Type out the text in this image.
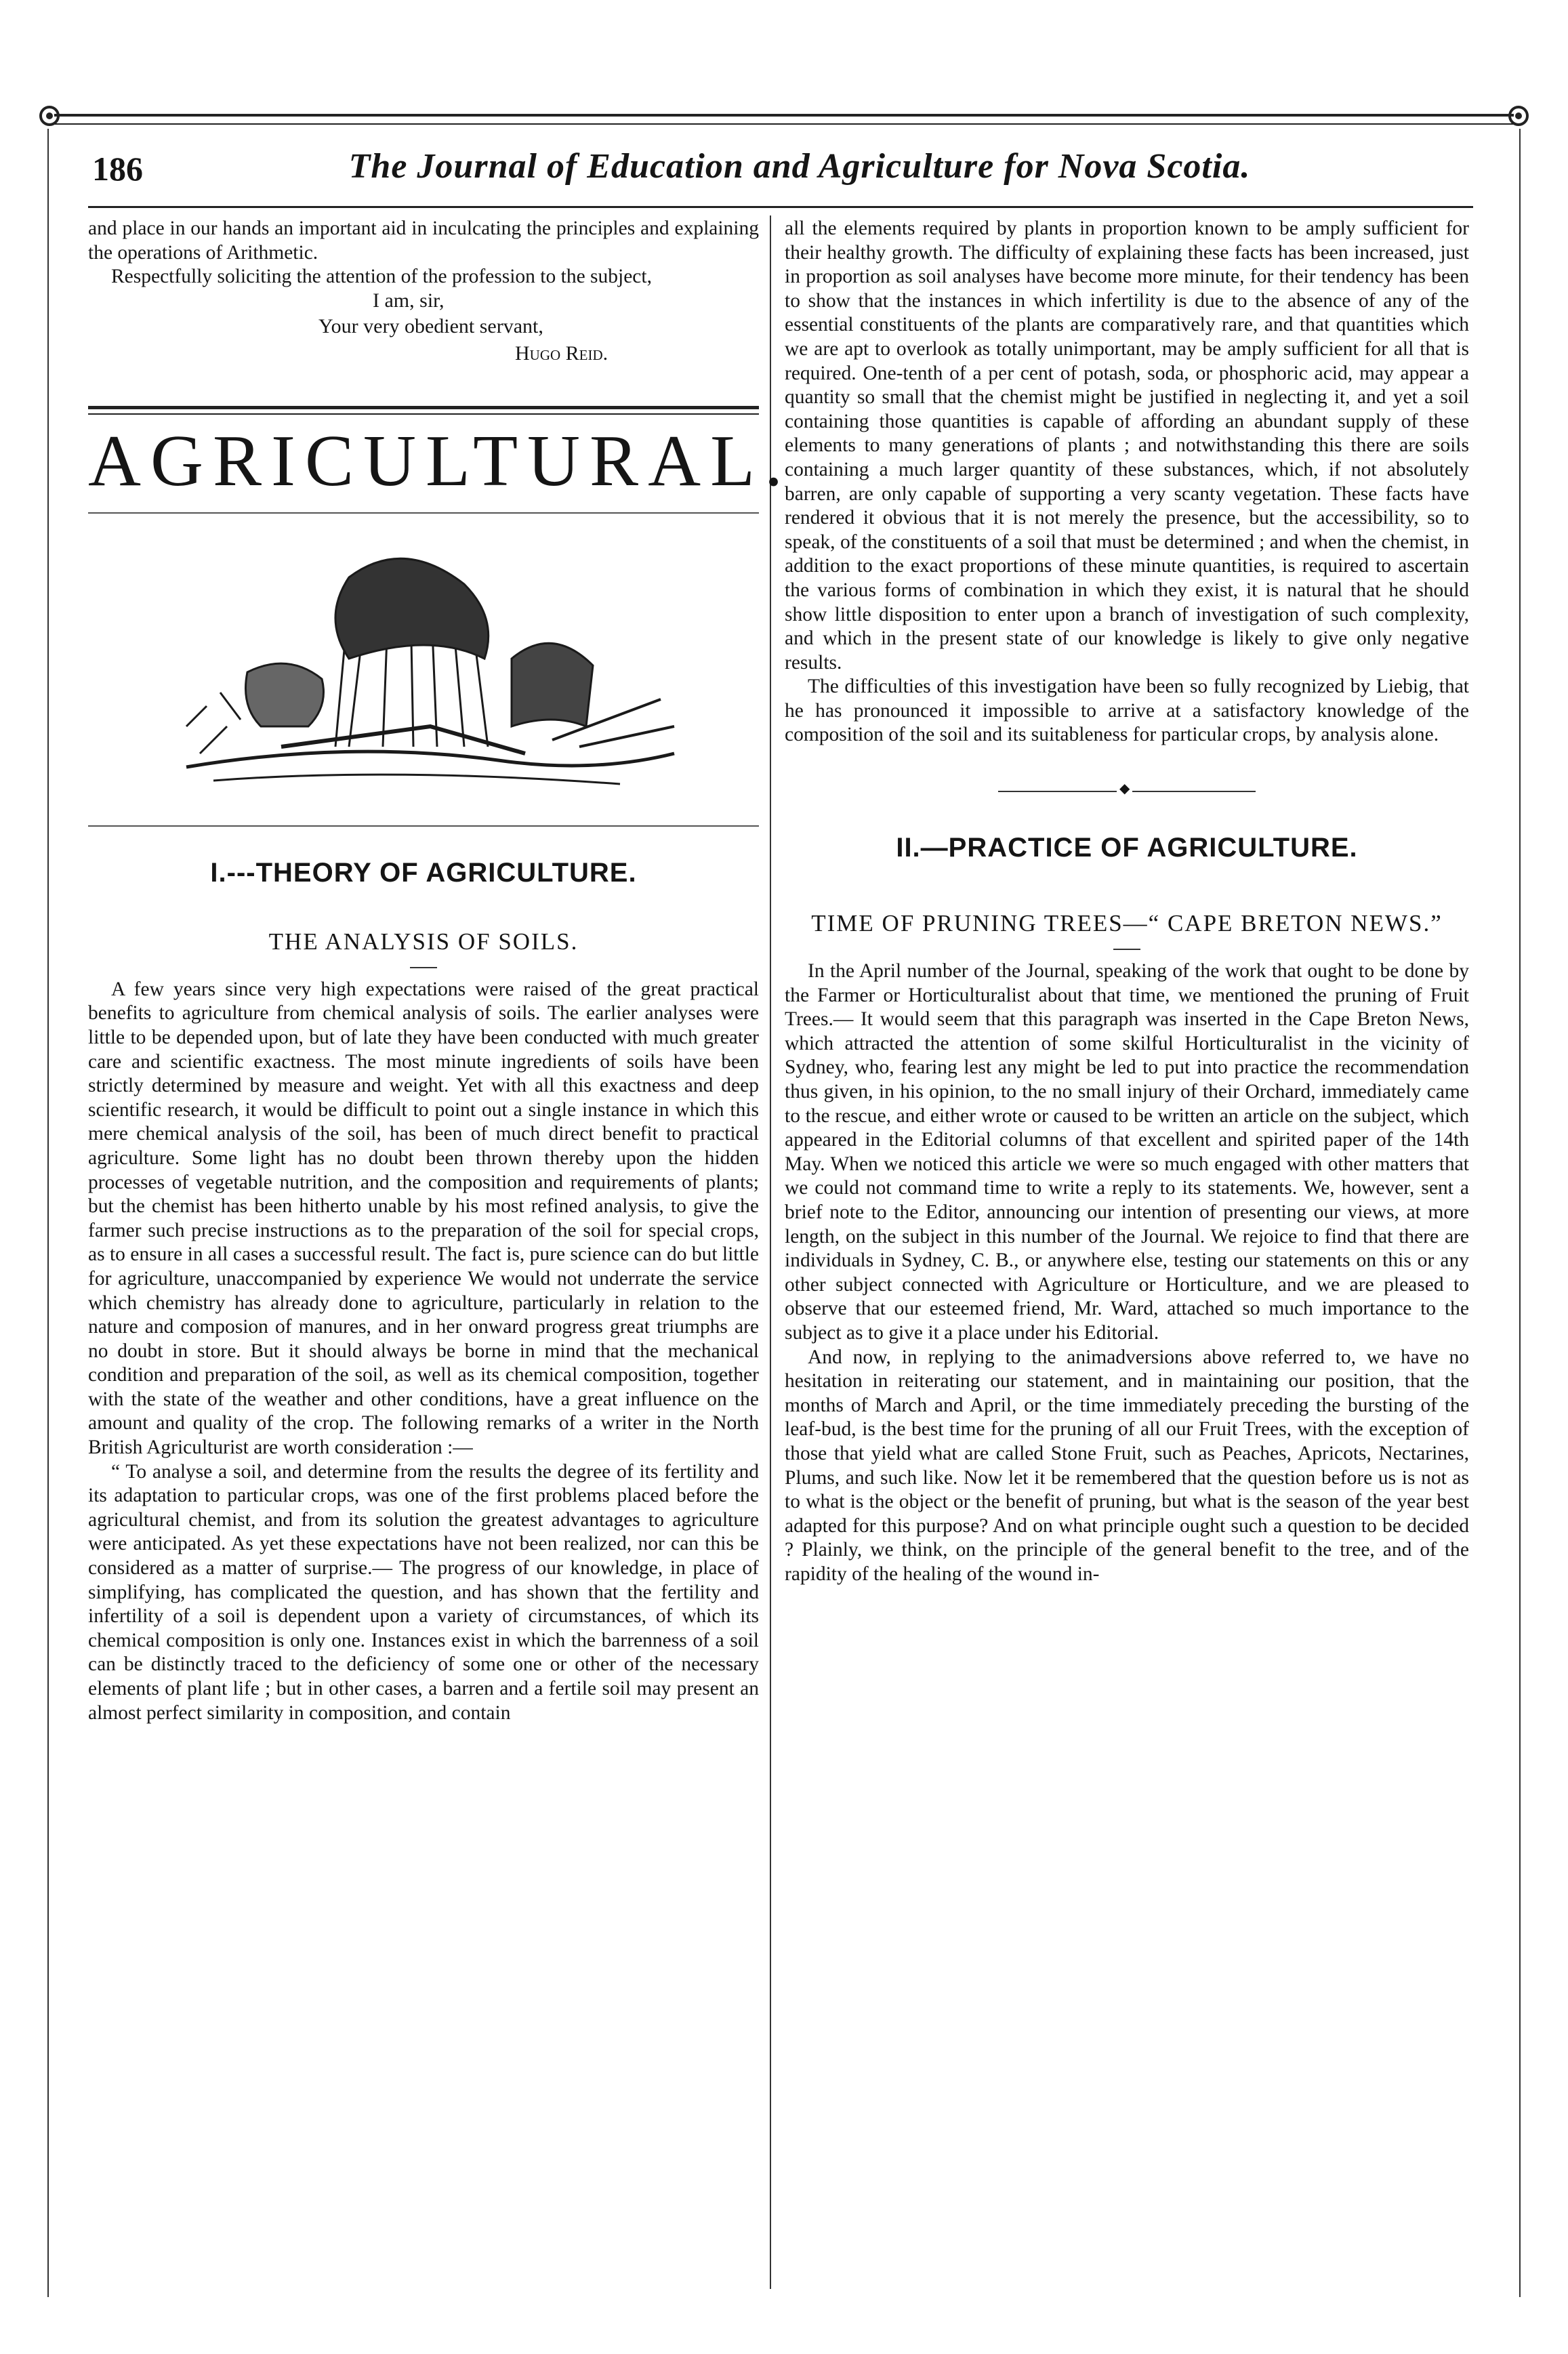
186	The Journal of Education and Agriculture for Nova Scotia.

and place in our hands an important aid in inculcating the principles and explaining the operations of Arithmetic.

Respectfully soliciting the attention of the profession to the subject,

I am, sir,
Your very obedient servant,
Hugo Reid.
AGRICULTURAL.
I.---THEORY OF AGRICULTURE.
THE ANALYSIS OF SOILS.

A few years since very high expectations were raised of the great practical benefits to agriculture from chemical analysis of soils. The earlier analyses were little to be depended upon, but of late they have been conducted with much greater care and scientific exactness. The most minute ingredients of soils have been strictly determined by measure and weight. Yet with all this exactness and deep scientific research, it would be difficult to point out a single instance in which this mere chemical analysis of the soil, has been of much direct benefit to practical agriculture. Some light has no doubt been thrown thereby upon the hidden processes of vegetable nutrition, and the composition and requirements of plants; but the chemist has been hitherto unable by his most refined analysis, to give the farmer such precise instructions as to the preparation of the soil for special crops, as to ensure in all cases a successful result. The fact is, pure science can do but little for agriculture, unaccompanied by experience We would not underrate the service which chemistry has already done to agriculture, particularly in relation to the nature and composion of manures, and in her onward progress great triumphs are no doubt in store. But it should always be borne in mind that the mechanical condition and preparation of the soil, as well as its chemical composition, together with the state of the weather and other conditions, have a great influence on the amount and quality of the crop. The following remarks of a writer in the North British Agriculturist are worth consideration :—

“ To analyse a soil, and determine from the results the degree of its fertility and its adaptation to particular crops, was one of the first problems placed before the agricultural chemist, and from its solution the greatest advantages to agriculture were anticipated. As yet these expectations have not been realized, nor can this be considered as a matter of surprise.— The progress of our knowledge, in place of simplifying, has complicated the question, and has shown that the fertility and infertility of a soil is dependent upon a variety of circumstances, of which its chemical composition is only one. Instances exist in which the barrenness of a soil can be distinctly traced to the deficiency of some one or other of the necessary elements of plant life ; but in other cases, a barren and a fertile soil may present an almost perfect similarity in composition, and contain

all the elements required by plants in proportion known to be amply sufficient for their healthy growth. The difficulty of explaining these facts has been increased, just in proportion as soil analyses have become more minute, for their tendency has been to show that the instances in which infertility is due to the absence of any of the essential constituents of the plants are comparatively rare, and that quantities which we are apt to overlook as totally unimportant, may be amply sufficient for all that is required. One-tenth of a per cent of potash, soda, or phosphoric acid, may appear a quantity so small that the chemist might be justified in neglecting it, and yet a soil containing those quantities is capable of affording an abundant supply of these elements to many generations of plants ; and notwithstanding this there are soils containing a much larger quantity of these substances, which, if not absolutely barren, are only capable of supporting a very scanty vegetation. These facts have rendered it obvious that it is not merely the presence, but the accessibility, so to speak, of the constituents of a soil that must be determined ; and when the chemist, in addition to the exact proportions of these minute quantities, is required to ascertain the various forms of combination in which they exist, it is natural that he should show little disposition to enter upon a branch of investigation of such complexity, and which in the present state of our knowledge is likely to give only negative results.

The difficulties of this investigation have been so fully recognized by Liebig, that he has pronounced it impossible to arrive at a satisfactory knowledge of the composition of the soil and its suitableness for particular crops, by analysis alone.

◆
II.—PRACTICE OF AGRICULTURE.
TIME OF PRUNING TREES—“ CAPE BRETON NEWS.”

In the April number of the Journal, speaking of the work that ought to be done by the Farmer or Horticulturalist about that time, we mentioned the pruning of Fruit Trees.— It would seem that this paragraph was inserted in the Cape Breton News, which attracted the attention of some skilful Horticulturalist in the vicinity of Sydney, who, fearing lest any might be led to put into practice the recommendation thus given, in his opinion, to the no small injury of their Orchard, immediately came to the rescue, and either wrote or caused to be written an article on the subject, which appeared in the Editorial columns of that excellent and spirited paper of the 14th May. When we noticed this article we were so much engaged with other matters that we could not command time to write a reply to its statements. We, however, sent a brief note to the Editor, announcing our intention of presenting our views, at more length, on the subject in this number of the Journal. We rejoice to find that there are individuals in Sydney, C. B., or anywhere else, testing our statements on this or any other subject connected with Agriculture or Horticulture, and we are pleased to observe that our esteemed friend, Mr. Ward, attached so much importance to the subject as to give it a place under his Editorial.

And now, in replying to the animadversions above referred to, we have no hesitation in reiterating our statement, and in maintaining our position, that the months of March and April, or the time immediately preceding the bursting of the leaf-bud, is the best time for the pruning of all our Fruit Trees, with the exception of those that yield what are called Stone Fruit, such as Peaches, Apricots, Nectarines, Plums, and such like. Now let it be remembered that the question before us is not as to what is the object or the benefit of pruning, but what is the season of the year best adapted for this purpose? And on what principle ought such a question to be decided ? Plainly, we think, on the principle of the general benefit to the tree, and of the rapidity of the healing of the wound in-
